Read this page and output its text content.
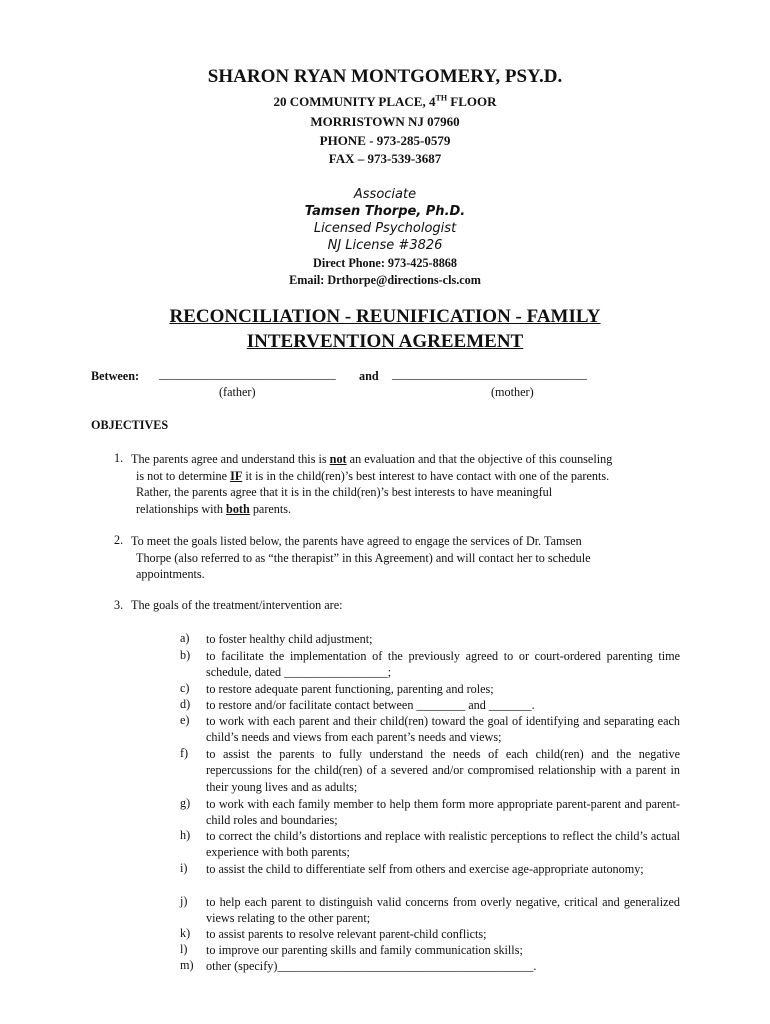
SHARON RYAN MONTGOMERY, PSY.D.
20 COMMUNITY PLACE, 4TH FLOOR
MORRISTOWN NJ 07960
PHONE - 973-285-0579
FAX – 973-539-3687
Associate
Tamsen Thorpe, Ph.D.
Licensed Psychologist
NJ License #3826
Direct Phone: 973-425-8868
Email: Drthorpe@directions-cls.com
RECONCILIATION - REUNIFICATION - FAMILY
INTERVENTION AGREEMENT
Between: _____________________________ and ________________________________
(father)	(mother)
OBJECTIVES
1. The parents agree and understand this is not an evaluation and that the objective of this counseling
is not to determine IF it is in the child(ren)’s best interest to have contact with one of the parents.
Rather, the parents agree that it is in the child(ren)’s best interests to have meaningful
relationships with both parents.
2. To meet the goals listed below, the parents have agreed to engage the services of Dr. Tamsen
Thorpe (also referred to as “the therapist” in this Agreement) and will contact her to schedule
appointments.
3. The goals of the treatment/intervention are:
a) to foster healthy child adjustment;
b) to facilitate the implementation of the previously agreed to or court-ordered parenting time schedule, dated _________________;
c) to restore adequate parent functioning, parenting and roles;
d) to restore and/or facilitate contact between ________ and _______.
e) to work with each parent and their child(ren) toward the goal of identifying and separating each child’s needs and views from each parent’s needs and views;
f) to assist the parents to fully understand the needs of each child(ren) and the negative repercussions for the child(ren) of a severed and/or compromised relationship with a parent in their young lives and as adults;
g) to work with each family member to help them form more appropriate parent-parent and parent-child roles and boundaries;
h) to correct the child’s distortions and replace with realistic perceptions to reflect the child’s actual experience with both parents;
i) to assist the child to differentiate self from others and exercise age-appropriate autonomy;
j) to help each parent to distinguish valid concerns from overly negative, critical and generalized views relating to the other parent;
k) to assist parents to resolve relevant parent-child conflicts;
l) to improve our parenting skills and family communication skills;
m) other (specify)__________________________________________.
